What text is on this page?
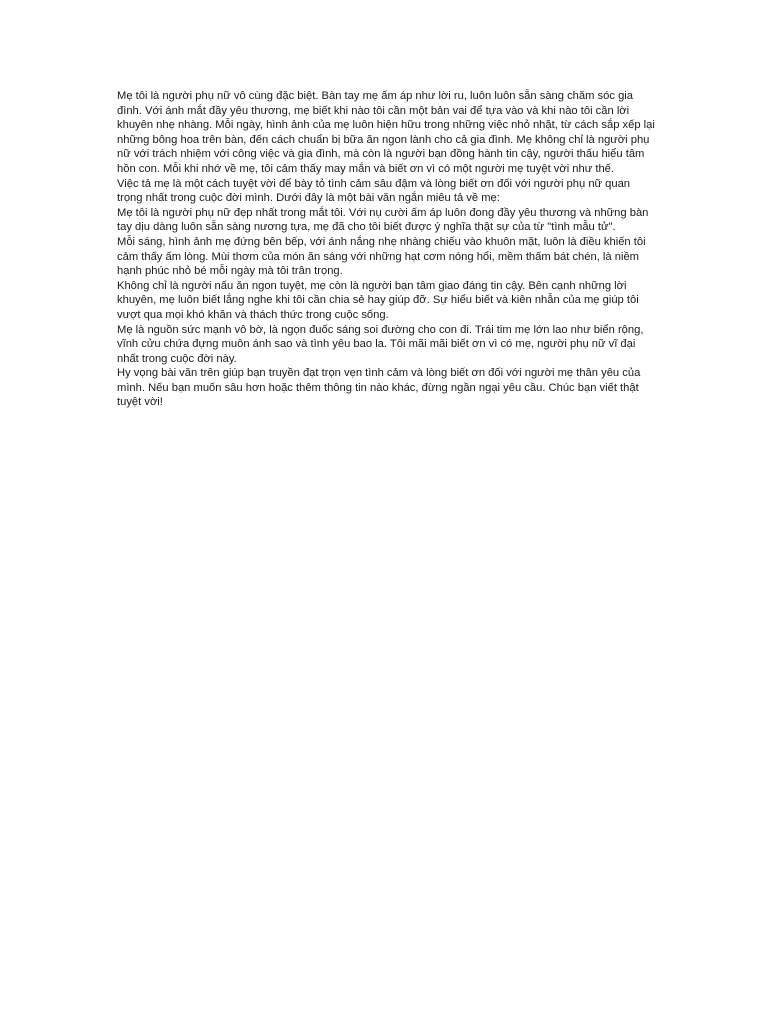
Mẹ tôi là người phụ nữ vô cùng đặc biệt. Bàn tay mẹ ấm áp như lời ru, luôn luôn sẵn sàng chăm sóc gia đình. Với ánh mắt đầy yêu thương, mẹ biết khi nào tôi cần một bản vai để tựa vào và khi nào tôi cần lời khuyên nhẹ nhàng. Mỗi ngày, hình ảnh của mẹ luôn hiện hữu trong những việc nhỏ nhặt, từ cách sắp xếp lại những bông hoa trên bàn, đến cách chuẩn bị bữa ăn ngon lành cho cả gia đình. Mẹ không chỉ là người phụ nữ với trách nhiệm với công việc và gia đình, mà còn là người bạn đồng hành tin cậy, người thấu hiểu tâm hồn con. Mỗi khi nhớ về mẹ, tôi cảm thấy may mắn và biết ơn vì có một người mẹ tuyệt vời như thế.

Việc tả mẹ là một cách tuyệt vời để bày tỏ tình cảm sâu đậm và lòng biết ơn đối với người phụ nữ quan trọng nhất trong cuộc đời mình. Dưới đây là một bài văn ngắn miêu tả về mẹ:

Mẹ tôi là người phụ nữ đẹp nhất trong mắt tôi. Với nụ cười ấm áp luôn đong đầy yêu thương và những bàn tay dịu dàng luôn sẵn sàng nương tựa, mẹ đã cho tôi biết được ý nghĩa thật sự của từ "tình mẫu tử".

Mỗi sáng, hình ảnh mẹ đứng bên bếp, với ánh nắng nhẹ nhàng chiếu vào khuôn mặt, luôn là điều khiến tôi cảm thấy ấm lòng. Mùi thơm của món ăn sáng với những hạt cơm nóng hổi, mềm thấm bát chén, là niềm hạnh phúc nhỏ bé mỗi ngày mà tôi trân trọng.

Không chỉ là người nấu ăn ngon tuyệt, mẹ còn là người bạn tâm giao đáng tin cậy. Bên cạnh những lời khuyên, mẹ luôn biết lắng nghe khi tôi cần chia sẻ hay giúp đỡ. Sự hiểu biết và kiên nhẫn của mẹ giúp tôi vượt qua mọi khó khăn và thách thức trong cuộc sống.

Mẹ là nguồn sức mạnh vô bờ, là ngọn đuốc sáng soi đường cho con đi. Trái tim mẹ lớn lao như biển rộng, vĩnh cửu chứa đựng muôn ánh sao và tình yêu bao la. Tôi mãi mãi biết ơn vì có mẹ, người phụ nữ vĩ đại nhất trong cuộc đời này.

Hy vọng bài văn trên giúp bạn truyền đạt trọn vẹn tình cảm và lòng biết ơn đối với người mẹ thân yêu của mình. Nếu bạn muốn sâu hơn hoặc thêm thông tin nào khác, đừng ngần ngại yêu cầu. Chúc bạn viết thật tuyệt vời!
